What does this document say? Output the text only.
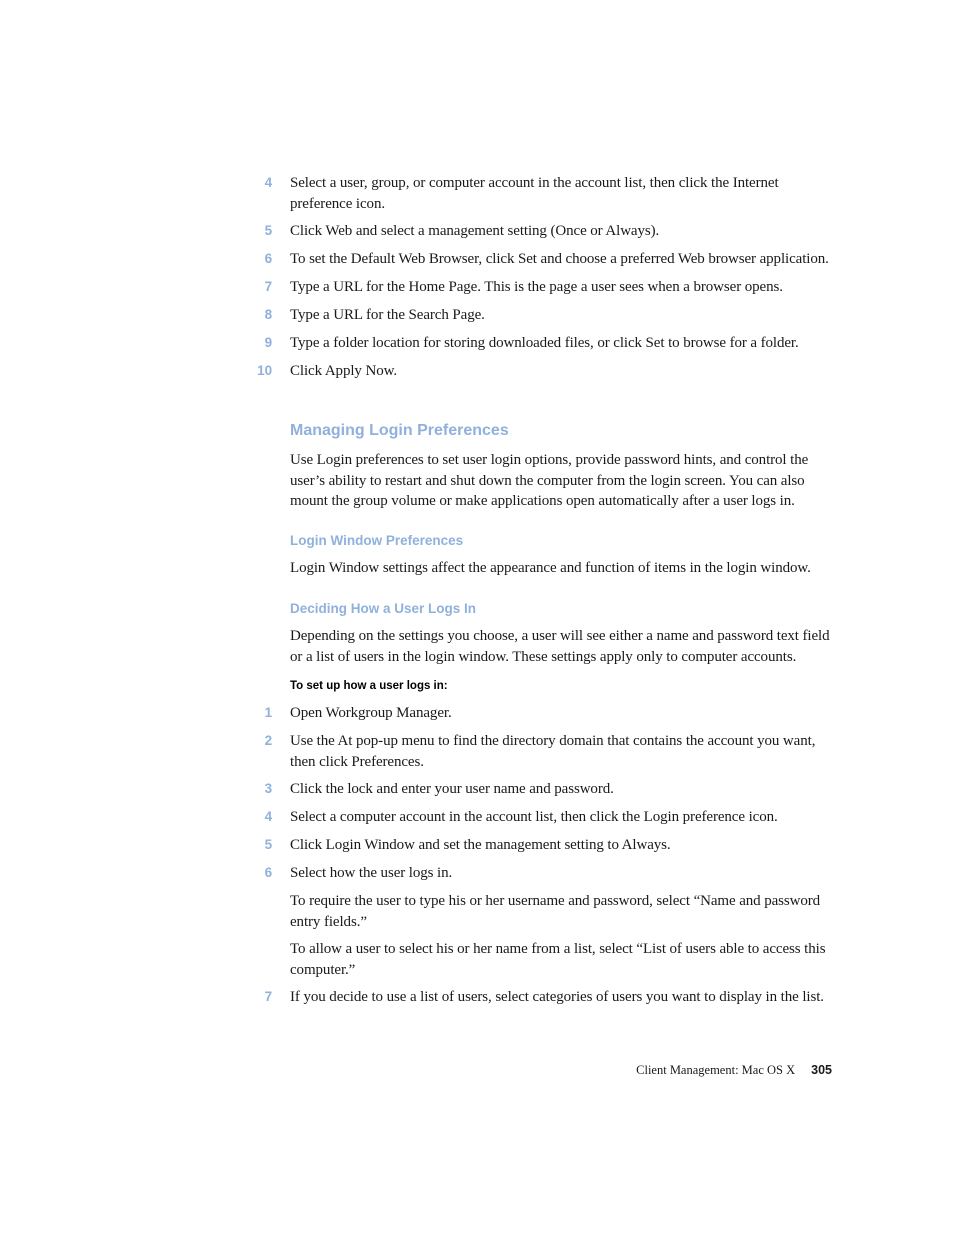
4 Select a user, group, or computer account in the account list, then click the Internet preference icon.
5 Click Web and select a management setting (Once or Always).
6 To set the Default Web Browser, click Set and choose a preferred Web browser application.
7 Type a URL for the Home Page. This is the page a user sees when a browser opens.
8 Type a URL for the Search Page.
9 Type a folder location for storing downloaded files, or click Set to browse for a folder.
10 Click Apply Now.
Managing Login Preferences
Use Login preferences to set user login options, provide password hints, and control the user’s ability to restart and shut down the computer from the login screen. You can also mount the group volume or make applications open automatically after a user logs in.
Login Window Preferences
Login Window settings affect the appearance and function of items in the login window.
Deciding How a User Logs In
Depending on the settings you choose, a user will see either a name and password text field or a list of users in the login window. These settings apply only to computer accounts.
To set up how a user logs in:
1 Open Workgroup Manager.
2 Use the At pop-up menu to find the directory domain that contains the account you want, then click Preferences.
3 Click the lock and enter your user name and password.
4 Select a computer account in the account list, then click the Login preference icon.
5 Click Login Window and set the management setting to Always.
6 Select how the user logs in.
To require the user to type his or her username and password, select “Name and password entry fields.”
To allow a user to select his or her name from a list, select “List of users able to access this computer.”
7 If you decide to use a list of users, select categories of users you want to display in the list.
Client Management: Mac OS X 305
